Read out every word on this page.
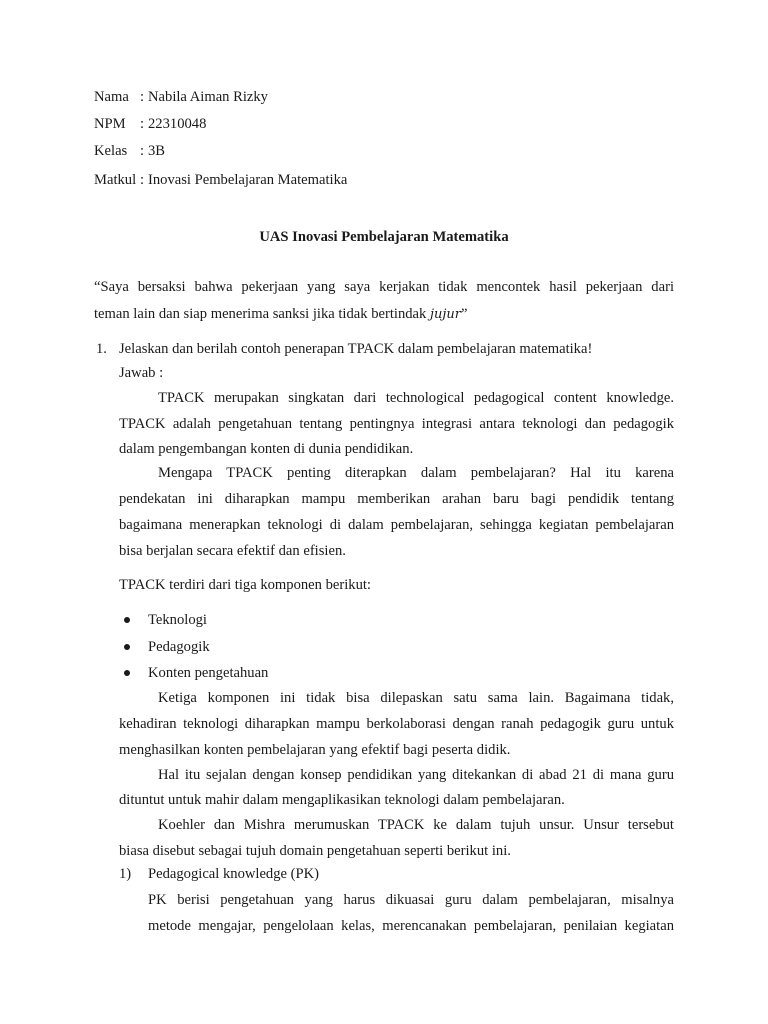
Nama : Nabila Aiman Rizky
NPM : 22310048
Kelas : 3B
Matkul : Inovasi Pembelajaran Matematika
UAS Inovasi Pembelajaran Matematika
“Saya bersaksi bahwa pekerjaan yang saya kerjakan tidak mencontek hasil pekerjaan dari
teman lain dan siap menerima sanksi jika tidak bertindak jujur”
1. Jelaskan dan berilah contoh penerapan TPACK dalam pembelajaran matematika!
Jawab :
TPACK merupakan singkatan dari technological pedagogical content knowledge.
TPACK adalah pengetahuan tentang pentingnya integrasi antara teknologi dan pedagogik
dalam pengembangan konten di dunia pendidikan.
Mengapa TPACK penting diterapkan dalam pembelajaran? Hal itu karena
pendekatan ini diharapkan mampu memberikan arahan baru bagi pendidik tentang
bagaimana menerapkan teknologi di dalam pembelajaran, sehingga kegiatan pembelajaran
bisa berjalan secara efektif dan efisien.
TPACK terdiri dari tiga komponen berikut:
Teknologi
Pedagogik
Konten pengetahuan
Ketiga komponen ini tidak bisa dilepaskan satu sama lain. Bagaimana tidak,
kehadiran teknologi diharapkan mampu berkolaborasi dengan ranah pedagogik guru untuk
menghasilkan konten pembelajaran yang efektif bagi peserta didik.
Hal itu sejalan dengan konsep pendidikan yang ditekankan di abad 21 di mana guru
dituntut untuk mahir dalam mengaplikasikan teknologi dalam pembelajaran.
Koehler dan Mishra merumuskan TPACK ke dalam tujuh unsur. Unsur tersebut
biasa disebut sebagai tujuh domain pengetahuan seperti berikut ini.
1) Pedagogical knowledge (PK)
PK berisi pengetahuan yang harus dikuasai guru dalam pembelajaran, misalnya
metode mengajar, pengelolaan kelas, merencanakan pembelajaran, penilaian kegiatan
